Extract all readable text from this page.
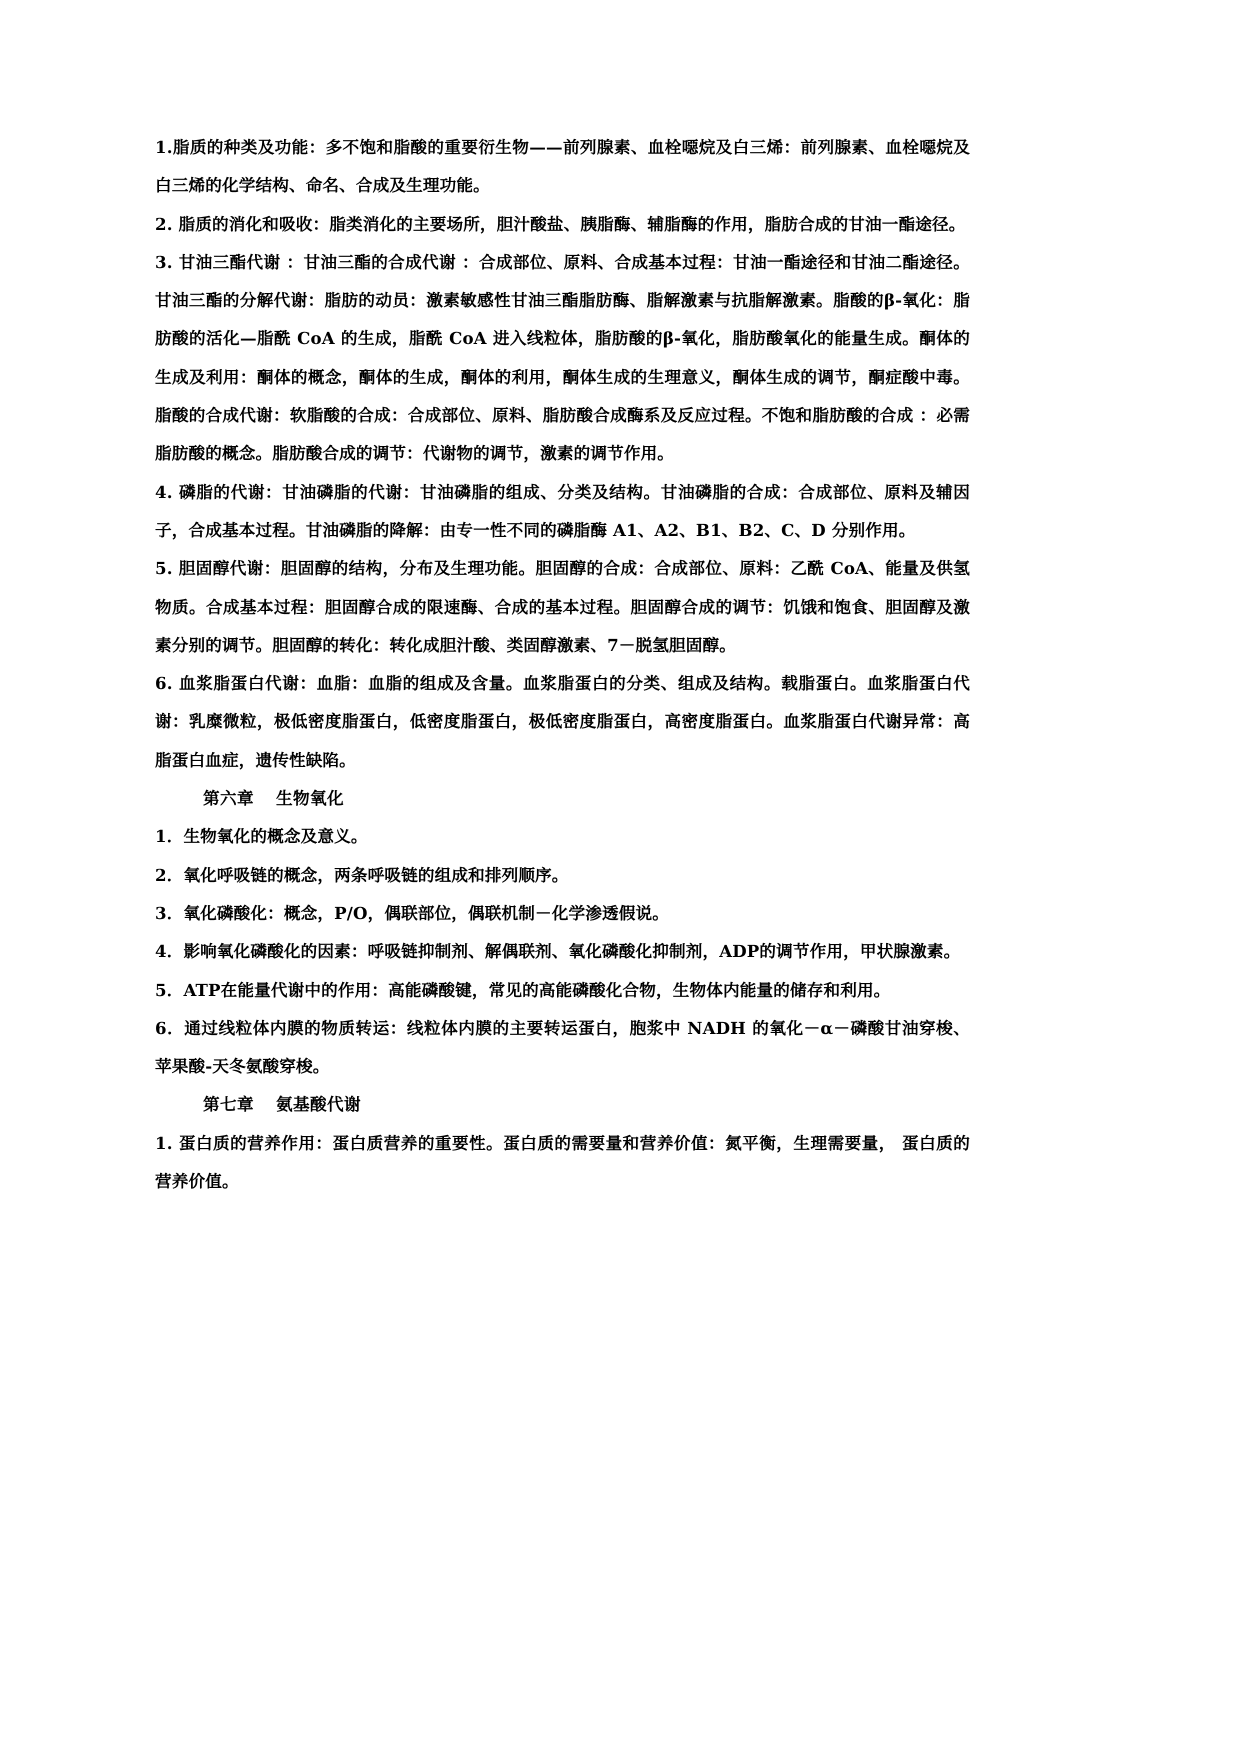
1.脂质的种类及功能：多不饱和脂酸的重要衍生物——前列腺素、血栓噁烷及白三烯：前列腺素、血栓噁烷及白三烯的化学结构、命名、合成及生理功能。

2. 脂质的消化和吸收：脂类消化的主要场所，胆汁酸盐、胰脂酶、辅脂酶的作用，脂肪合成的甘油一酯途径。

3. 甘油三酯代谢 ：甘油三酯的合成代谢 ：合成部位、原料、合成基本过程：甘油一酯途径和甘油二酯途径。甘油三酯的分解代谢：脂肪的动员：激素敏感性甘油三酯脂肪酶、脂解激素与抗脂解激素。脂酸的β-氧化：脂肪酸的活化—脂酰 CoA 的生成，脂酰 CoA 进入线粒体，脂肪酸的β-氧化，脂肪酸氧化的能量生成。酮体的生成及利用：酮体的概念，酮体的生成，酮体的利用，酮体生成的生理意义，酮体生成的调节，酮症酸中毒。脂酸的合成代谢：软脂酸的合成：合成部位、原料、脂肪酸合成酶系及反应过程。不饱和脂肪酸的合成 ：必需脂肪酸的概念。脂肪酸合成的调节：代谢物的调节，激素的调节作用。

4. 磷脂的代谢：甘油磷脂的代谢：甘油磷脂的组成、分类及结构。甘油磷脂的合成：合成部位、原料及辅因子，合成基本过程。甘油磷脂的降解：由专一性不同的磷脂酶 A1、A2、B1、B2、C、D 分别作用。

5. 胆固醇代谢：胆固醇的结构，分布及生理功能。胆固醇的合成：合成部位、原料：乙酰 CoA、能量及供氢物质。合成基本过程：胆固醇合成的限速酶、合成的基本过程。胆固醇合成的调节：饥饿和饱食、胆固醇及激素分别的调节。胆固醇的转化：转化成胆汁酸、类固醇激素、7－脱氢胆固醇。

6. 血浆脂蛋白代谢：血脂：血脂的组成及含量。血浆脂蛋白的分类、组成及结构。载脂蛋白。血浆脂蛋白代谢：乳糜微粒，极低密度脂蛋白，低密度脂蛋白，极低密度脂蛋白，高密度脂蛋白。血浆脂蛋白代谢异常：高脂蛋白血症，遗传性缺陷。

第六章 生物氧化

1．生物氧化的概念及意义。

2．氧化呼吸链的概念，两条呼吸链的组成和排列顺序。

3．氧化磷酸化：概念，P/O，偶联部位，偶联机制－化学渗透假说。

4．影响氧化磷酸化的因素：呼吸链抑制剂、解偶联剂、氧化磷酸化抑制剂，ADP的调节作用，甲状腺激素。

5．ATP在能量代谢中的作用：高能磷酸键，常见的高能磷酸化合物，生物体内能量的储存和利用。

6．通过线粒体内膜的物质转运：线粒体内膜的主要转运蛋白，胞浆中 NADH 的氧化－α－磷酸甘油穿梭、苹果酸-天冬氨酸穿梭。

第七章 氨基酸代谢

1. 蛋白质的营养作用：蛋白质营养的重要性。蛋白质的需要量和营养价值：氮平衡，生理需要量， 蛋白质的营养价值。
